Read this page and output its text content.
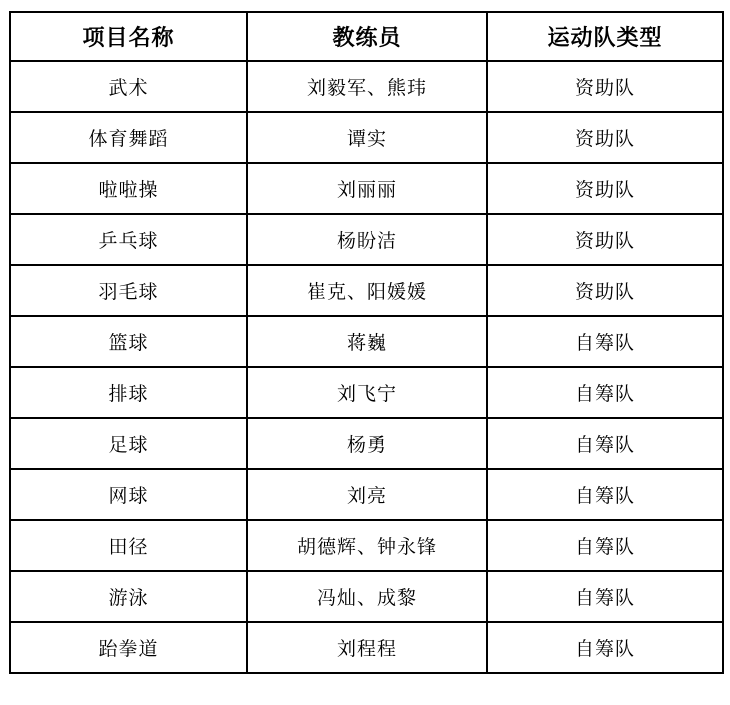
项目名称	教练员	运动队类型
武术	刘毅军、熊玮	资助队
体育舞蹈	谭实	资助队
啦啦操	刘丽丽	资助队
乒乓球	杨盼洁	资助队
羽毛球	崔克、阳媛媛	资助队
篮球	蒋巍	自筹队
排球	刘飞宁	自筹队
足球	杨勇	自筹队
网球	刘亮	自筹队
田径	胡德辉、钟永锋	自筹队
游泳	冯灿、成黎	自筹队
跆拳道	刘程程	自筹队
